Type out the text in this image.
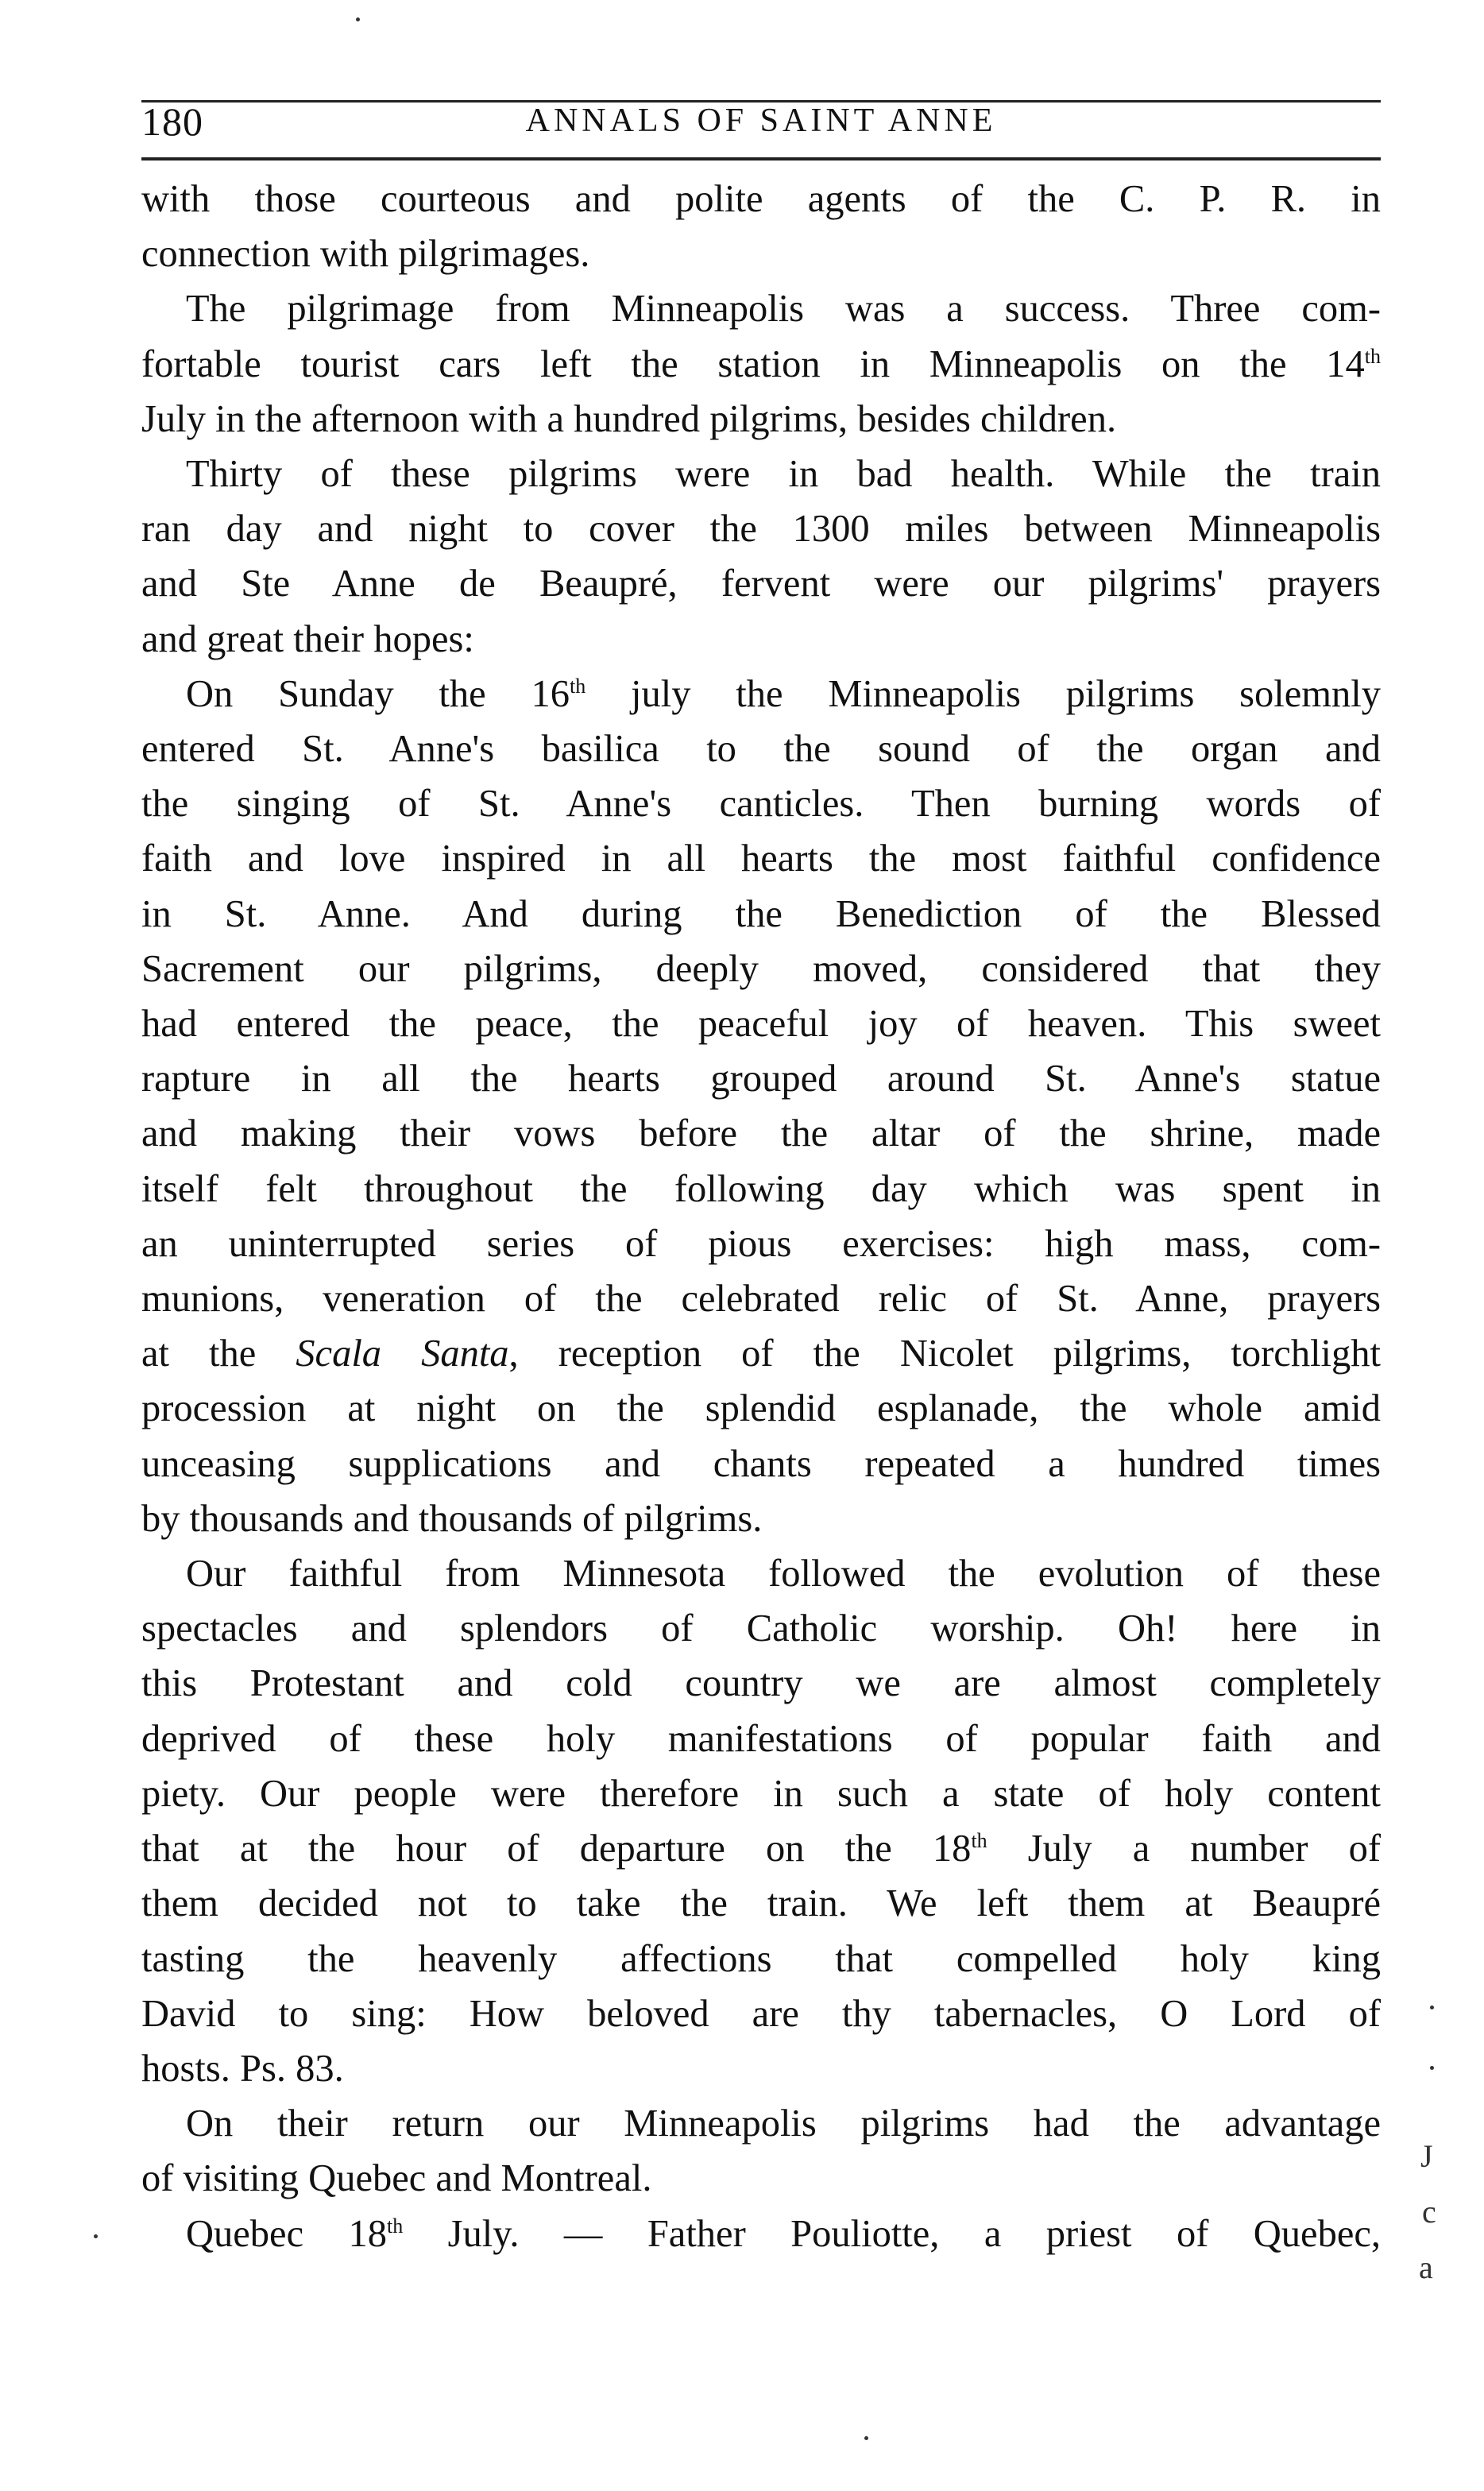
180	ANNALS OF SAINT ANNE
with those courteous and polite agents of the C. P. R. in
connection with pilgrimages.
The pilgrimage from Minneapolis was a success. Three com-
fortable tourist cars left the station in Minneapolis on the 14th
July in the afternoon with a hundred pilgrims, besides children.
Thirty of these pilgrims were in bad health. While the train
ran day and night to cover the 1300 miles between Minneapolis
and Ste Anne de Beaupré, fervent were our pilgrims' prayers
and great their hopes:
On Sunday the 16th july the Minneapolis pilgrims solemnly
entered St. Anne's basilica to the sound of the organ and
the singing of St. Anne's canticles. Then burning words of
faith and love inspired in all hearts the most faithful confidence
in St. Anne. And during the Benediction of the Blessed
Sacrement our pilgrims, deeply moved, considered that they
had entered the peace, the peaceful joy of heaven. This sweet
rapture in all the hearts grouped around St. Anne's statue
and making their vows before the altar of the shrine, made
itself felt throughout the following day which was spent in
an uninterrupted series of pious exercises: high mass, com-
munions, veneration of the celebrated relic of St. Anne, prayers
at the Scala Santa, reception of the Nicolet pilgrims, torchlight
procession at night on the splendid esplanade, the whole amid
unceasing supplications and chants repeated a hundred times
by thousands and thousands of pilgrims.
Our faithful from Minnesota followed the evolution of these
spectacles and splendors of Catholic worship. Oh! here in
this Protestant and cold country we are almost completely
deprived of these holy manifestations of popular faith and
piety. Our people were therefore in such a state of holy content
that at the hour of departure on the 18th July a number of
them decided not to take the train. We left them at Beaupré
tasting the heavenly affections that compelled holy king
David to sing: How beloved are thy tabernacles, O Lord of
hosts. Ps. 83.
On their return our Minneapolis pilgrims had the advantage
of visiting Quebec and Montreal.
Quebec 18th July. — Father Pouliotte, a priest of Quebec,
J
c
a
